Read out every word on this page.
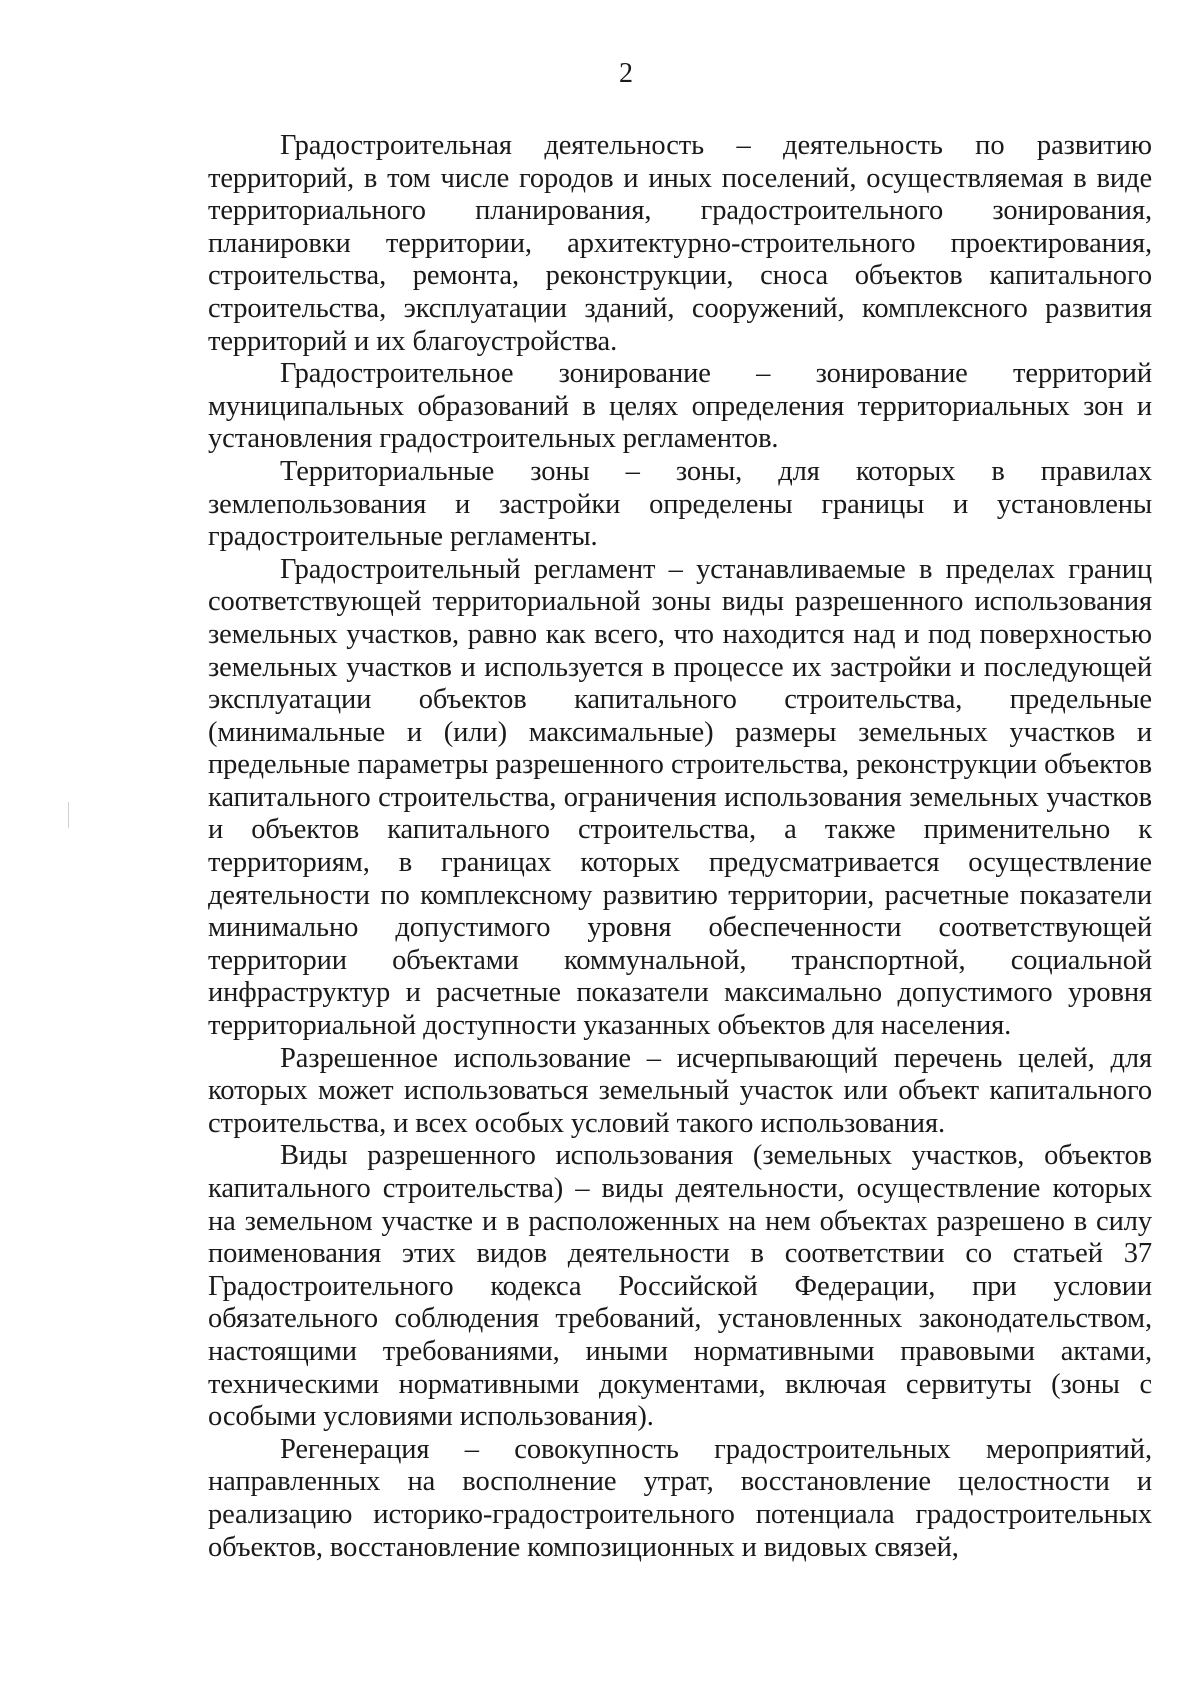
2

Градостроительная деятельность – деятельность по развитию территорий, в том числе городов и иных поселений, осуществляемая в виде территориального планирования, градостроительного зонирования, планировки территории, архитектурно-строительного проектирования, строительства, ремонта, реконструкции, сноса объектов капитального строительства, эксплуатации зданий, сооружений, комплексного развития территорий и их благоустройства.

Градостроительное зонирование – зонирование территорий муниципальных образований в целях определения территориальных зон и установления градостроительных регламентов.

Территориальные зоны – зоны, для которых в правилах землепользования и застройки определены границы и установлены градостроительные регламенты.

Градостроительный регламент – устанавливаемые в пределах границ соответствующей территориальной зоны виды разрешенного использования земельных участков, равно как всего, что находится над и под поверхностью земельных участков и используется в процессе их застройки и последующей эксплуатации объектов капитального строительства, предельные (минимальные и (или) максимальные) размеры земельных участков и предельные параметры разрешенного строительства, реконструкции объектов капитального строительства, ограничения использования земельных участков и объектов капитального строительства, а также применительно к территориям, в границах которых предусматривается осуществление деятельности по комплексному развитию территории, расчетные показатели минимально допустимого уровня обеспеченности соответствующей территории объектами коммунальной, транспортной, социальной инфраструктур и расчетные показатели максимально допустимого уровня территориальной доступности указанных объектов для населения.

Разрешенное использование – исчерпывающий перечень целей, для которых может использоваться земельный участок или объект капитального строительства, и всех особых условий такого использования.

Виды разрешенного использования (земельных участков, объектов капитального строительства) – виды деятельности, осуществление которых на земельном участке и в расположенных на нем объектах разрешено в силу поименования этих видов деятельности в соответствии со статьей 37 Градостроительного кодекса Российской Федерации, при условии обязательного соблюдения требований, установленных законодательством, настоящими требованиями, иными нормативными правовыми актами, техническими нормативными документами, включая сервитуты (зоны с особыми условиями использования).

Регенерация – совокупность градостроительных мероприятий, направленных на восполнение утрат, восстановление целостности и реализацию историко-градостроительного потенциала градостроительных объектов, восстановление композиционных и видовых связей,
